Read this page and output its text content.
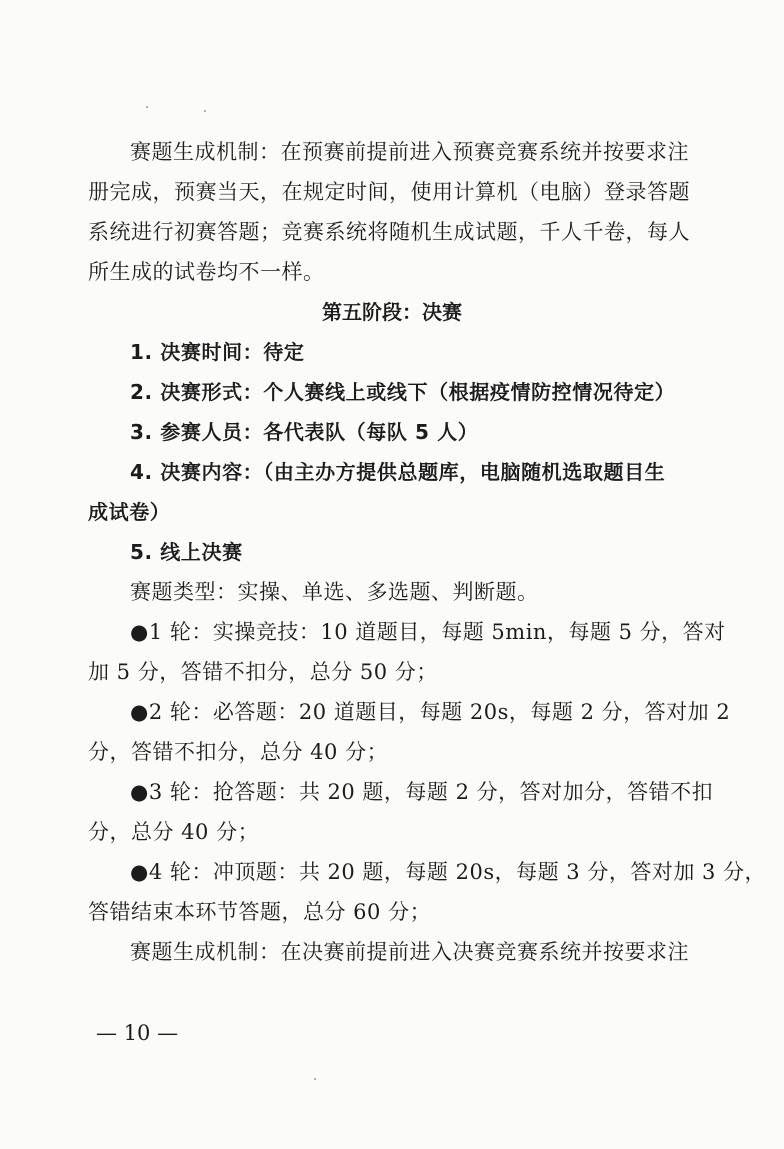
赛题生成机制：在预赛前提前进入预赛竞赛系统并按要求注
册完成，预赛当天，在规定时间，使用计算机（电脑）登录答题
系统进行初赛答题；竞赛系统将随机生成试题，千人千卷，每人
所生成的试卷均不一样。
第五阶段：决赛
1. 决赛时间：待定
2. 决赛形式：个人赛线上或线下（根据疫情防控情况待定）
3. 参赛人员：各代表队（每队 5 人）
4. 决赛内容：（由主办方提供总题库，电脑随机选取题目生
成试卷）
5. 线上决赛
赛题类型：实操、单选、多选题、判断题。
●1 轮：实操竞技：10 道题目，每题 5min，每题 5 分，答对
加 5 分，答错不扣分，总分 50 分；
●2 轮：必答题：20 道题目，每题 20s，每题 2 分，答对加 2
分，答错不扣分，总分 40 分；
●3 轮：抢答题：共 20 题，每题 2 分，答对加分，答错不扣
分，总分 40 分；
●4 轮：冲顶题：共 20 题，每题 20s，每题 3 分，答对加 3 分，
答错结束本环节答题，总分 60 分；
赛题生成机制：在决赛前提前进入决赛竞赛系统并按要求注
— 10 —
